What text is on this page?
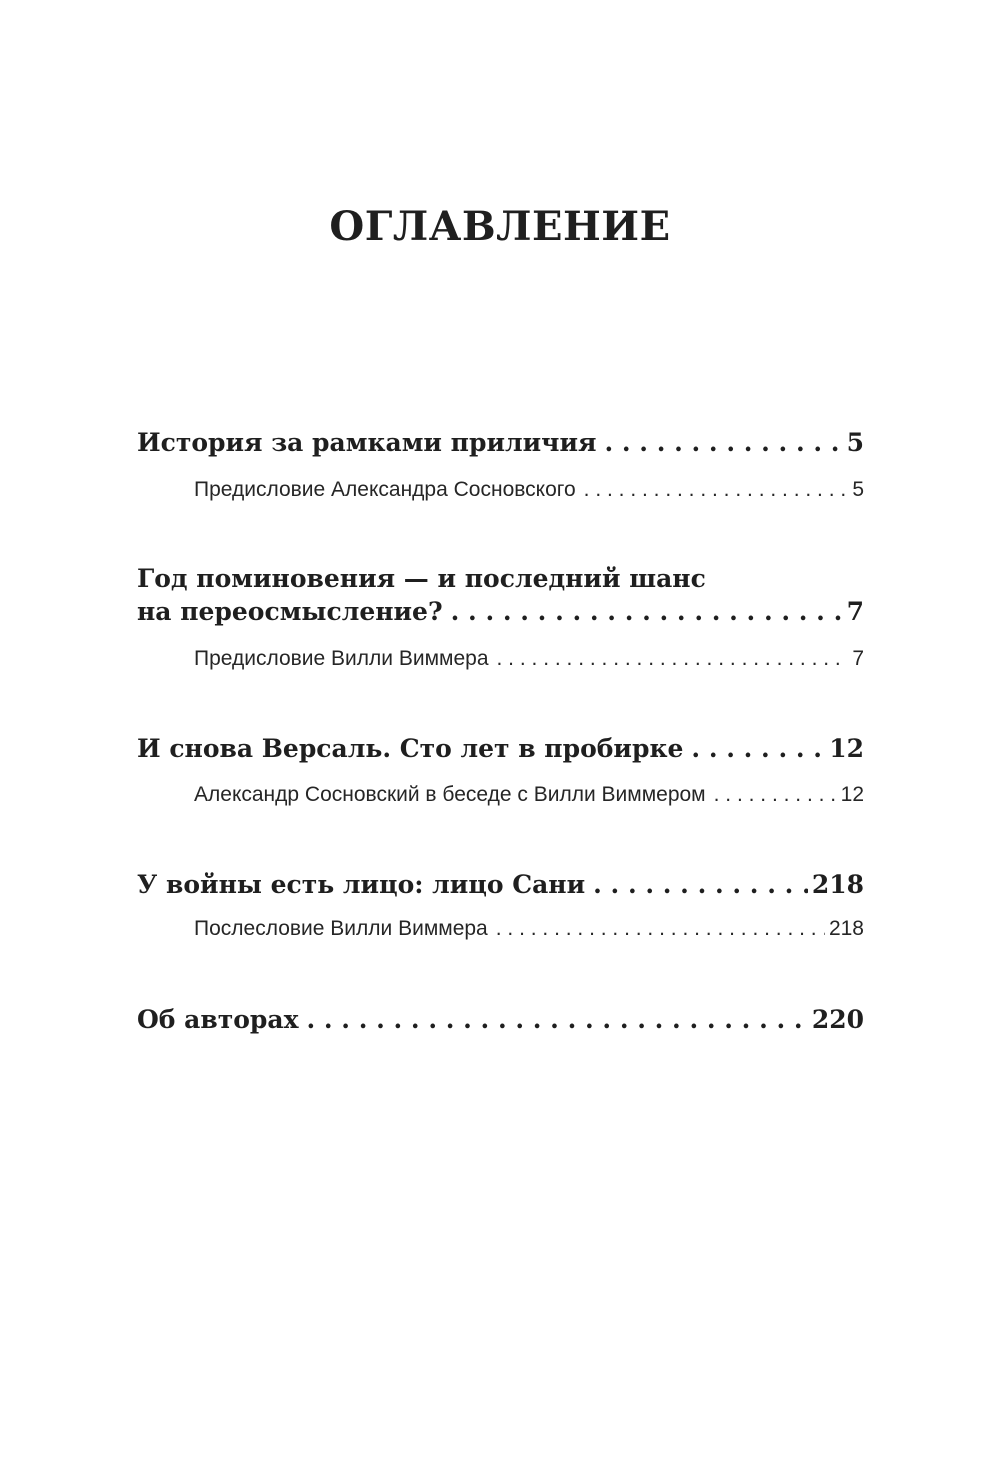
ОГЛАВЛЕНИЕ
История за рамками приличия . . .	5
Предисловие Александра Сосновского . . .	5
Год поминовения — и последний шанс
на переосмысление? . . .	7
Предисловие Вилли Виммера . . .	7
И снова Версаль. Сто лет в пробирке . . .	12
Александр Сосновский в беседе с Вилли Виммером . . .	12
У войны есть лицо: лицо Сани . . .	218
Послесловие Вилли Виммера . . .	218
Об авторах . . .	220
